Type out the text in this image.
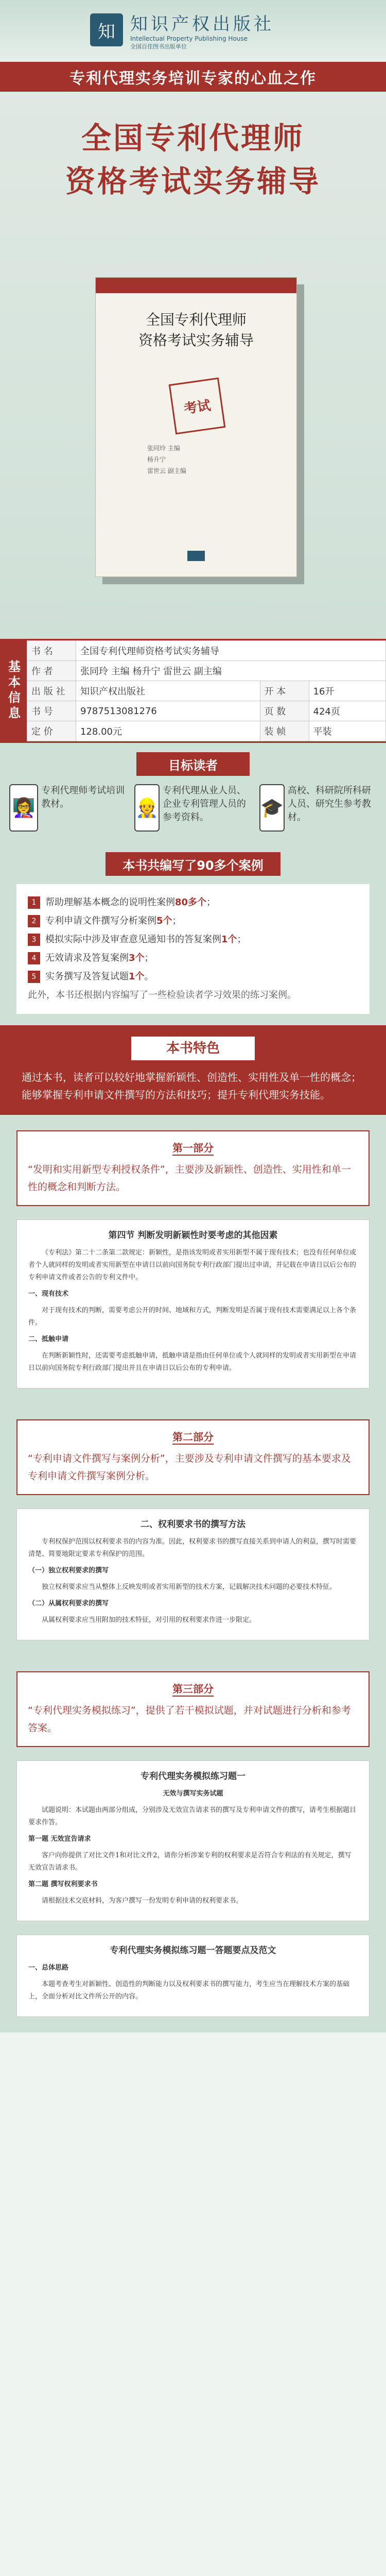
知 知识产权出版社
Intellectual Property Publishing House
全国百佳图书出版单位
专利代理实务培训专家的心血之作
全国专利代理师
资格考试实务辅导
全国专利代理师
资格考试实务辅导
考试
张同玲 主编
杨升宁
雷世云 副主编
基本信息
书 名	全国专利代理师资格考试实务辅导		
作 者	张同玲 主编 杨升宁 雷世云 副主编		
出 版 社	知识产权出版社	开 本	16开
书 号	9787513081276	页 数	424页
定 价	128.00元	装 帧	平装
目标读者
👩‍🏫
专利代理师考试培训教材。	👷
专利代理从业人员、企业专利管理人员的参考资料。	🎓
高校、科研院所科研人员、研究生参考教材。
本书共编写了90多个案例
1 帮助理解基本概念的说明性案例80多个；
2 专利申请文件撰写分析案例5个；
3 模拟实际中涉及审查意见通知书的答复案例1个；
4 无效请求及答复案例3个；
5 实务撰写及答复试题1个。
此外，本书还根据内容编写了一些检验读者学习效果的练习案例。
本书特色
通过本书，读者可以较好地掌握新颖性、创造性、实用性及单一性的概念；能够掌握专利申请文件撰写的方法和技巧；提升专利代理实务技能。
第一部分
“发明和实用新型专利授权条件”，主要涉及新颖性、创造性、实用性和单一性的概念和判断方法。
第四节 判断发明新颖性时要考虑的其他因素

《专利法》第二十二条第二款规定：新颖性，是指该发明或者实用新型不属于现有技术；也没有任何单位或者个人就同样的发明或者实用新型在申请日以前向国务院专利行政部门提出过申请，并记载在申请日以后公布的专利申请文件或者公告的专利文件中。

一、现有技术

对于现有技术的判断，需要考虑公开的时间、地域和方式，判断发明是否属于现有技术需要满足以上各个条件。

二、抵触申请

在判断新颖性时，还需要考虑抵触申请，抵触申请是指由任何单位或个人就同样的发明或者实用新型在申请日以前向国务院专利行政部门提出并且在申请日以后公布的专利申请。

第二部分
“专利申请文件撰写与案例分析”，主要涉及专利申请文件撰写的基本要求及专利申请文件撰写案例分析。
二、权利要求书的撰写方法

专利权保护范围以权利要求书的内容为准。因此，权利要求书的撰写直接关系到申请人的利益，撰写时需要清楚、简要地限定要求专利保护的范围。

（一）独立权利要求的撰写

独立权利要求应当从整体上反映发明或者实用新型的技术方案，记载解决技术问题的必要技术特征。

（二）从属权利要求的撰写

从属权利要求应当用附加的技术特征，对引用的权利要求作进一步限定。

第三部分
“专利代理实务模拟练习”，提供了若干模拟试题，并对试题进行分析和参考答案。
专利代理实务模拟练习题一

无效与撰写实务试题

试题说明：本试题由两部分组成，分别涉及无效宣告请求书的撰写及专利申请文件的撰写，请考生根据题目要求作答。

第一题 无效宣告请求

客户向你提供了对比文件1和对比文件2，请你分析涉案专利的权利要求是否符合专利法的有关规定，撰写无效宣告请求书。

第二题 撰写权利要求书

请根据技术交底材料，为客户撰写一份发明专利申请的权利要求书。

专利代理实务模拟练习题一答题要点及范文

一、总体思路

本题考查考生对新颖性、创造性的判断能力以及权利要求书的撰写能力，考生应当在理解技术方案的基础上，全面分析对比文件所公开的内容。
